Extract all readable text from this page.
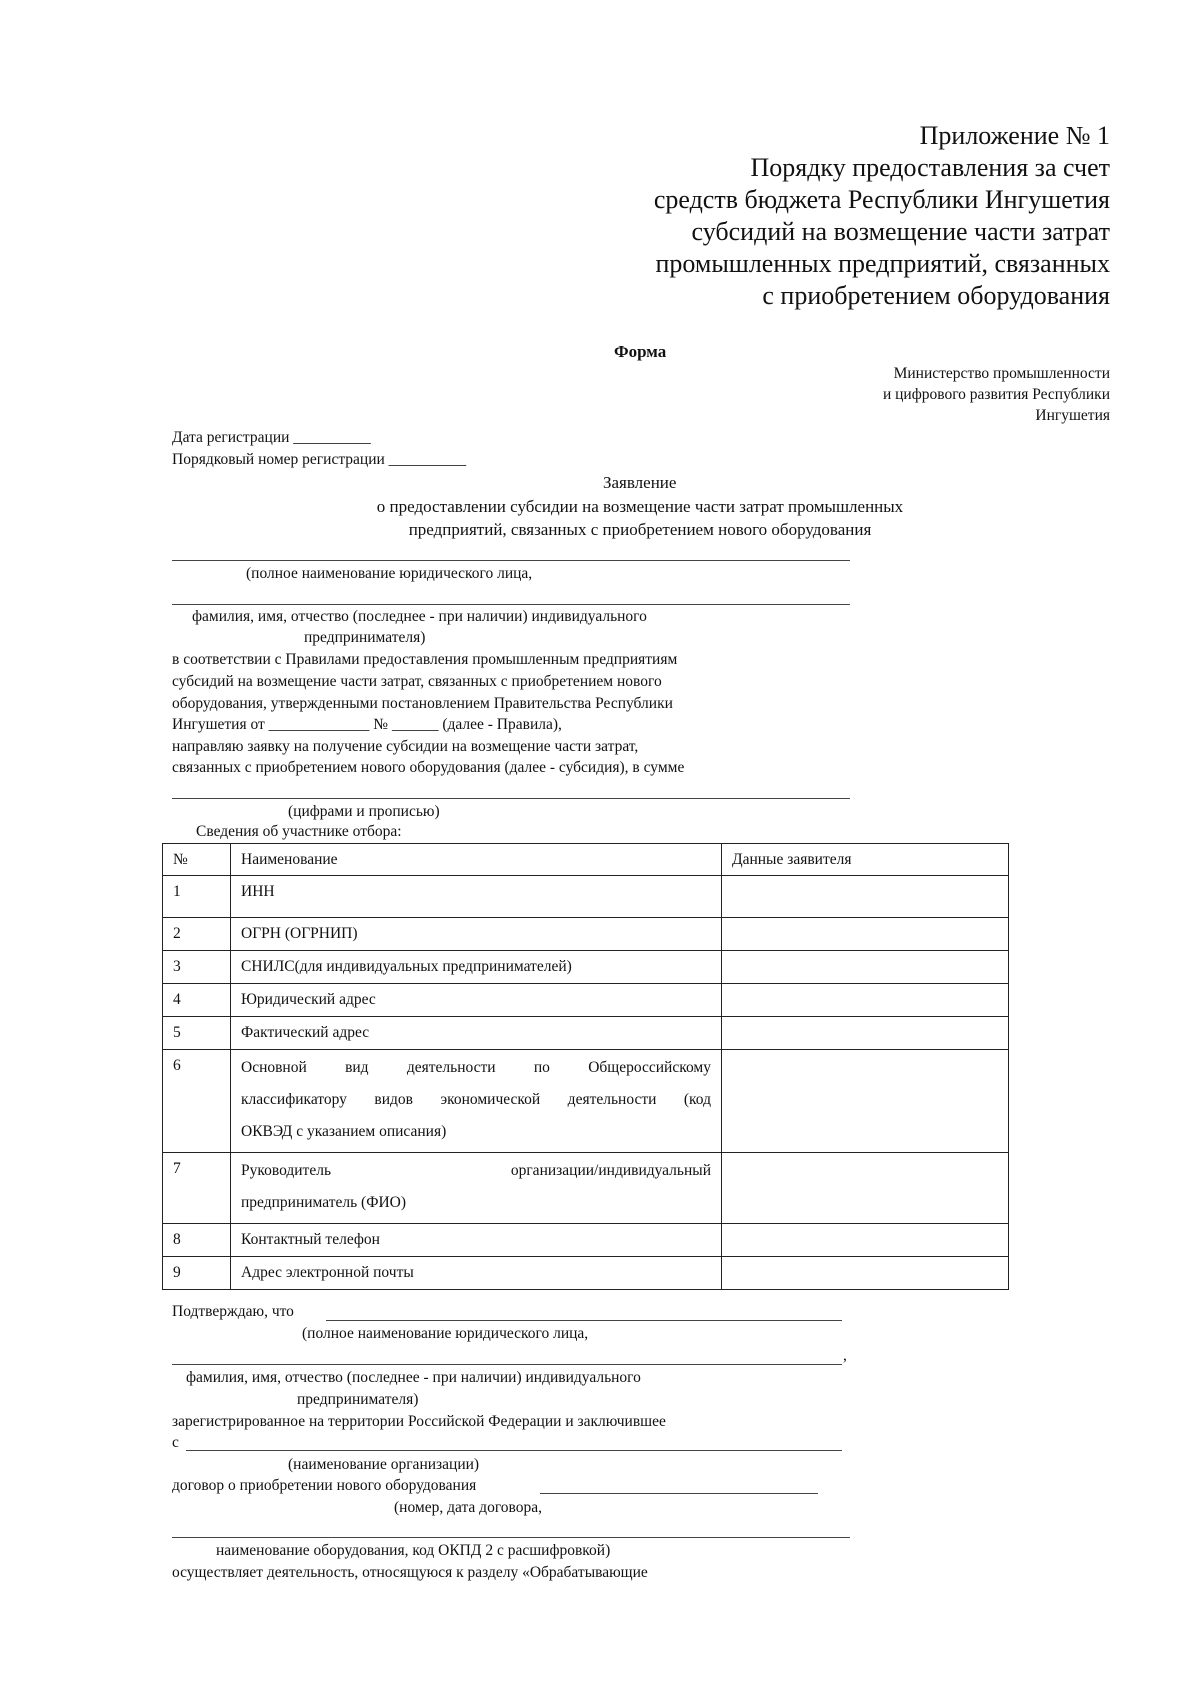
Приложение № 1
Порядку предоставления за счет
средств бюджета Республики Ингушетия
субсидий на возмещение части затрат
промышленных предприятий, связанных
с приобретением оборудования
Форма
Министерство промышленности
и цифрового развития Республики
Ингушетия
Дата регистрации __________
Порядковый номер регистрации __________
Заявление
о предоставлении субсидии на возмещение части затрат промышленных
предприятий, связанных с приобретением нового оборудования
(полное наименование юридического лица,
фамилия, имя, отчество (последнее - при наличии) индивидуального
предпринимателя)
в соответствии с Правилами предоставления промышленным предприятиям
субсидий на возмещение части затрат, связанных с приобретением нового
оборудования, утвержденными постановлением Правительства Республики
Ингушетия от _____________ № ______ (далее - Правила),
направляю заявку на получение субсидии на возмещение части затрат,
связанных с приобретением нового оборудования (далее - субсидия), в сумме
(цифрами и прописью)
Сведения об участнике отбора:
№	Наименование	Данные заявителя
1	ИНН	
2	ОГРН (ОГРНИП)	
3	СНИЛС(для индивидуальных предпринимателей)	
4	Юридический адрес	
5	Фактический адрес	
6	Основной вид деятельности по Общероссийскому
классификатору видов экономической деятельности (код
ОКВЭД с указанием описания)	

7	Руководитель организации/индивидуальный
предприниматель (ФИО)	

8	Контактный телефон	
9	Адрес электронной почты	
Подтверждаю, что
(полное наименование юридического лица,
,
фамилия, имя, отчество (последнее - при наличии) индивидуального
предпринимателя)
зарегистрированное на территории Российской Федерации и заключившее
с
(наименование организации)
договор о приобретении нового оборудования
(номер, дата договора,
наименование оборудования, код ОКПД 2 с расшифровкой)
осуществляет деятельность, относящуюся к разделу «Обрабатывающие
